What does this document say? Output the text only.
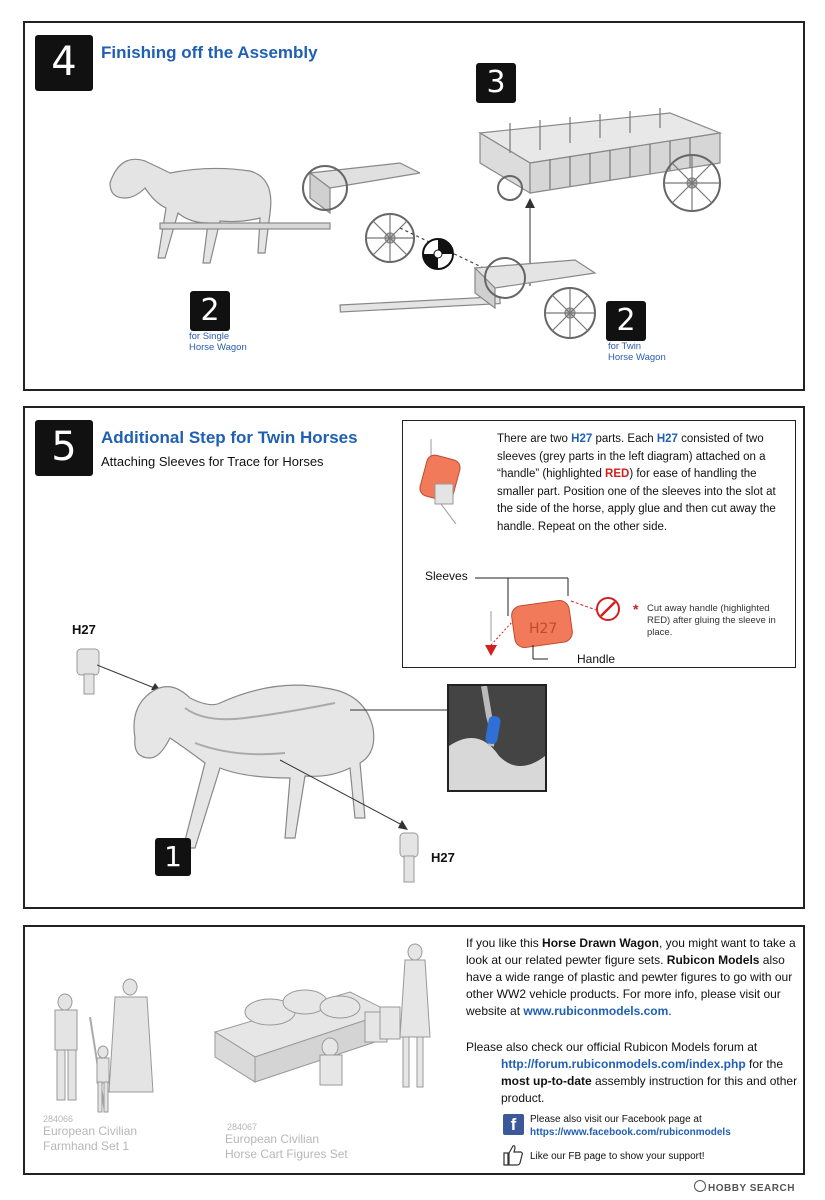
4	Finishing off the Assembly
3
2
for Single
Horse Wagon
2
for Twin
Horse Wagon
5	Additional Step for Twin Horses
Attaching Sleeves for Trace for Horses
There are two H27 parts. Each H27 consisted of two sleeves (grey parts in the left diagram) attached on a “handle” (highlighted RED) for ease of handling the smaller part. Position one of the sleeves into the slot at the side of the horse, apply glue and then cut away the handle. Repeat on the other side.
Sleeves
H27
Handle
* Cut away handle (highlighted RED) after gluing the sleeve in place.
H27
1	H27
284066
European Civilian
Farmhand Set 1
284067
European Civilian
Horse Cart Figures Set
If you like this Horse Drawn Wagon, you might want to take a look at our related pewter figure sets. Rubicon Models also have a wide range of plastic and pewter figures to go with our other WW2 vehicle products. For more info, please visit our website at www.rubiconmodels.com.
Please also check our official Rubicon Models forum at
http://forum.rubiconmodels.com/index.php for the most up-to-date assembly instruction for this and other product.
f	Please also visit our Facebook page at
https://www.facebook.com/rubiconmodels
Like our FB page to show your support!
HOBBY SEARCH
